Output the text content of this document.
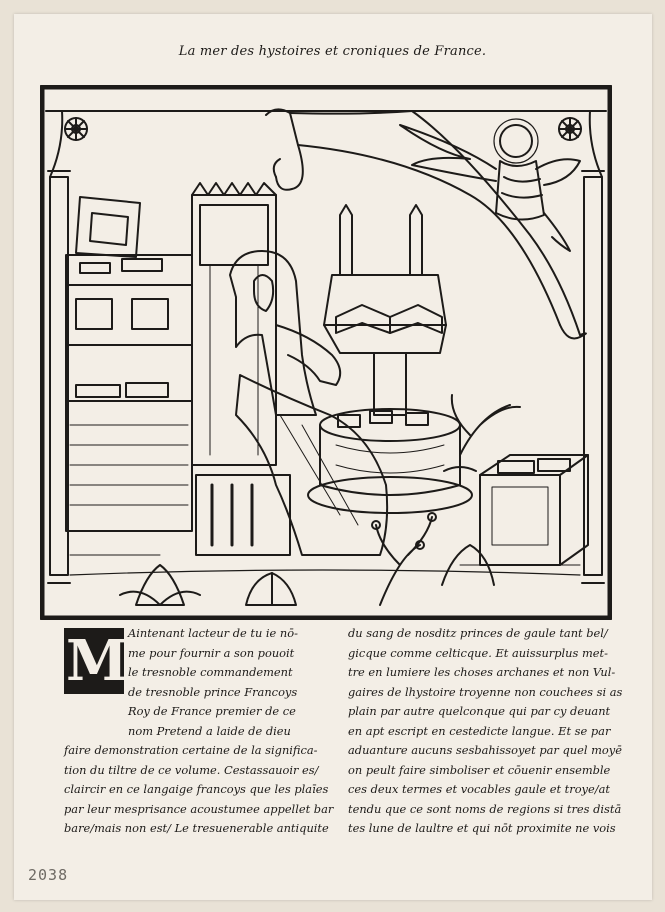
La mer des hystoires et croniques de France.
M Aintenant lacteur de tu ie nō-
me pour fournir a son pouoit
le tresnoble commandement
de tresnoble prince Francoys
Roy de France premier de ce
nom Pretend a laide de dieu
faire demonstration certaine de la significa-
tion du tiltre de ce volume. Cestassauoir es/
claircir en ce langaige francoys que les plaīes
par leur mesprisance acoustumee appellet bar
bare/mais non est/ Le tresuenerable antiquite
du sang de nosditz princes de gaule tant bel/
gicque comme celticque. Et auissurplus met-
tre en lumiere les choses archanes et non Vul-
gaires de lhystoire troyenne non couchees si as
plain par autre quelconque qui par cy deuant
en apt escript en cestedicte langue. Et se par
aduanture aucuns sesbahissoyet par quel moyē
on peult faire simboliser et cōuenir ensemble
ces deux termes et vocables gaule et troye/at
tendu que ce sont noms de regions si tres distā
tes lune de laultre et qui nōt proximite ne vois
2038
